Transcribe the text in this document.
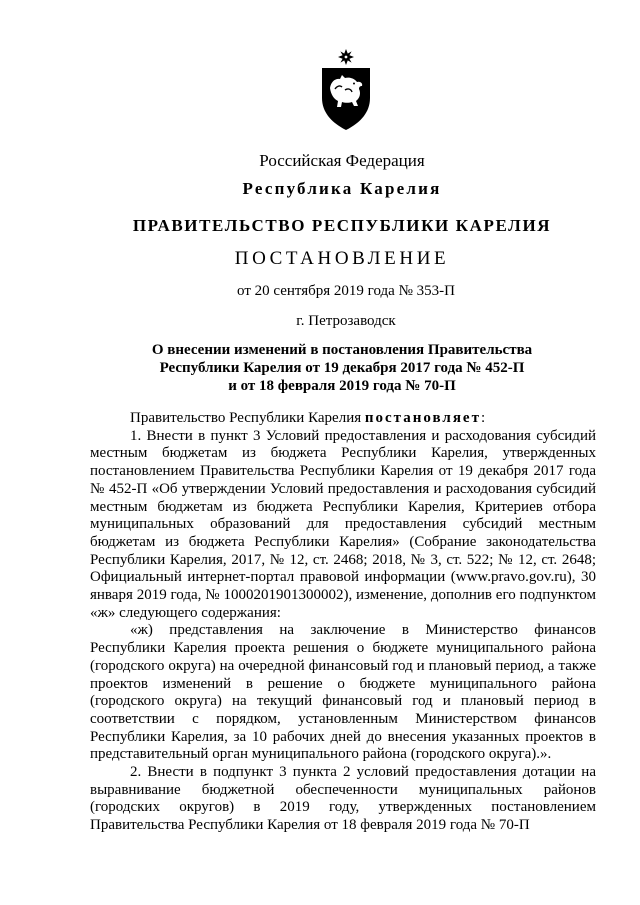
Российская Федерация
Республика Карелия
ПРАВИТЕЛЬСТВО РЕСПУБЛИКИ КАРЕЛИЯ
ПОСТАНОВЛЕНИЕ
от 20 сентября 2019 года № 353-П
г. Петрозаводск
О внесении изменений в постановления Правительства
Республики Карелия от 19 декабря 2017 года № 452-П
и от 18 февраля 2019 года № 70-П

Правительство Республики Карелия постановляет:

1. Внести в пункт 3 Условий предоставления и расходования субсидий местным бюджетам из бюджета Республики Карелия, утвержденных постановлением Правительства Республики Карелия от 19 декабря 2017 года № 452-П «Об утверждении Условий предоставления и расходования субсидий местным бюджетам из бюджета Республики Карелия, Критериев отбора муниципальных образований для предоставления субсидий местным бюджетам из бюджета Республики Карелия» (Собрание законодательства Республики Карелия, 2017, № 12, ст. 2468; 2018, № 3, ст. 522; № 12, ст. 2648; Официальный интернет-портал правовой информации (www.pravo.gov.ru), 30 января 2019 года, № 1000201901300002), изменение, дополнив его подпунктом «ж» следующего содержания:

«ж) представления на заключение в Министерство финансов Республики Карелия проекта решения о бюджете муниципального района (городского округа) на очередной финансовый год и плановый период, а также проектов изменений в решение о бюджете муниципального района (городского округа) на текущий финансовый год и плановый период в соответствии с порядком, установленным Министерством финансов Республики Карелия, за 10 рабочих дней до внесения указанных проектов в представительный орган муниципального района (городского округа).».

2. Внести в подпункт 3 пункта 2 условий предоставления дотации на выравнивание бюджетной обеспеченности муниципальных районов (городских округов) в 2019 году, утвержденных постановлением Правительства Республики Карелия от 18 февраля 2019 года № 70-П
